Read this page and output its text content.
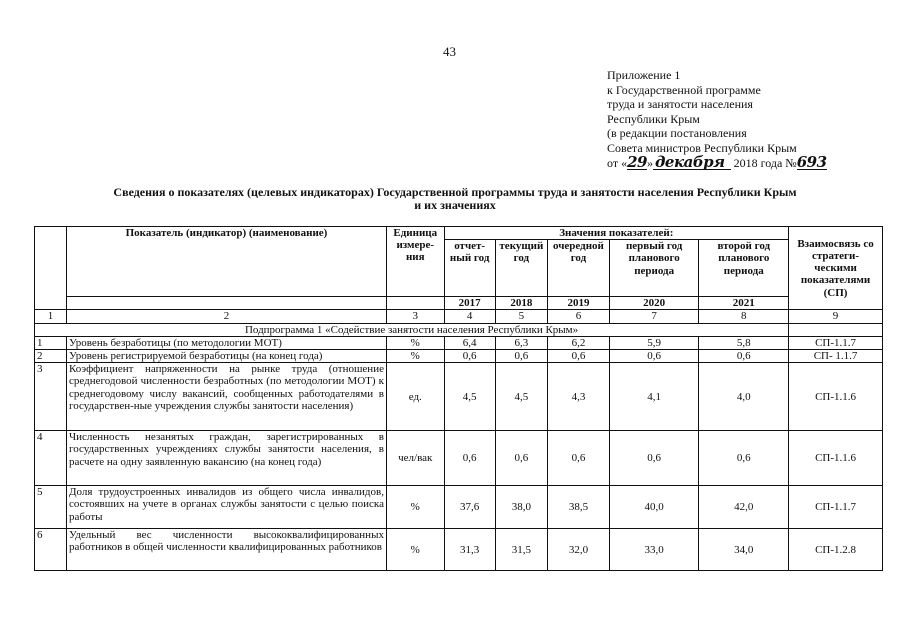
43
Приложение 1
к Государственной программе
труда и занятости населения
Республики Крым
(в редакции постановления
Совета министров Республики Крым
от «29» декабря 2018 года №693
Сведения о показателях (целевых индикаторах) Государственной программы труда и занятости населения Республики Крым
и их значениях
	Показатель (индикатор) (наименование)	Единица измере-ния	Значения показателей:					Взаимосвязь со стратеги-ческими показателями (СП)
			отчет-ный год	текущий год	очередной год	первый год планового периода	второй год планового периода	
			2017	2018	2019	2020	2021	
1	2	3	4	5	6	7	8	9
Подпрограмма 1 «Содействие занятости населения Республики Крым»								
1	Уровень безработицы (по методологии МОТ)	%	6,4	6,3	6,2	5,9	5,8	СП-1.1.7
2	Уровень регистрируемой безработицы (на конец года)	%	0,6	0,6	0,6	0,6	0,6	СП- 1.1.7
3	Коэффициент напряженности на рынке труда (отношение среднегодовой численности безработных (по методологии МОТ) к среднегодовому числу вакансий, сообщенных работодателями в государствен-ные учреждения службы занятости населения)	ед.	4,5	4,5	4,3	4,1	4,0	СП-1.1.6
4	Численность незанятых граждан, зарегистрированных в государственных учреждениях службы занятости населения, в расчете на одну заявленную вакансию (на конец года)	чел/вак	0,6	0,6	0,6	0,6	0,6	СП-1.1.6
5	Доля трудоустроенных инвалидов из общего числа инвалидов, состоявших на учете в органах службы занятости с целью поиска работы	%	37,6	38,0	38,5	40,0	42,0	СП-1.1.7
6	Удельный вес численности высококвалифицированных работников в общей численности квалифицированных работников	%	31,3	31,5	32,0	33,0	34,0	СП-1.2.8
